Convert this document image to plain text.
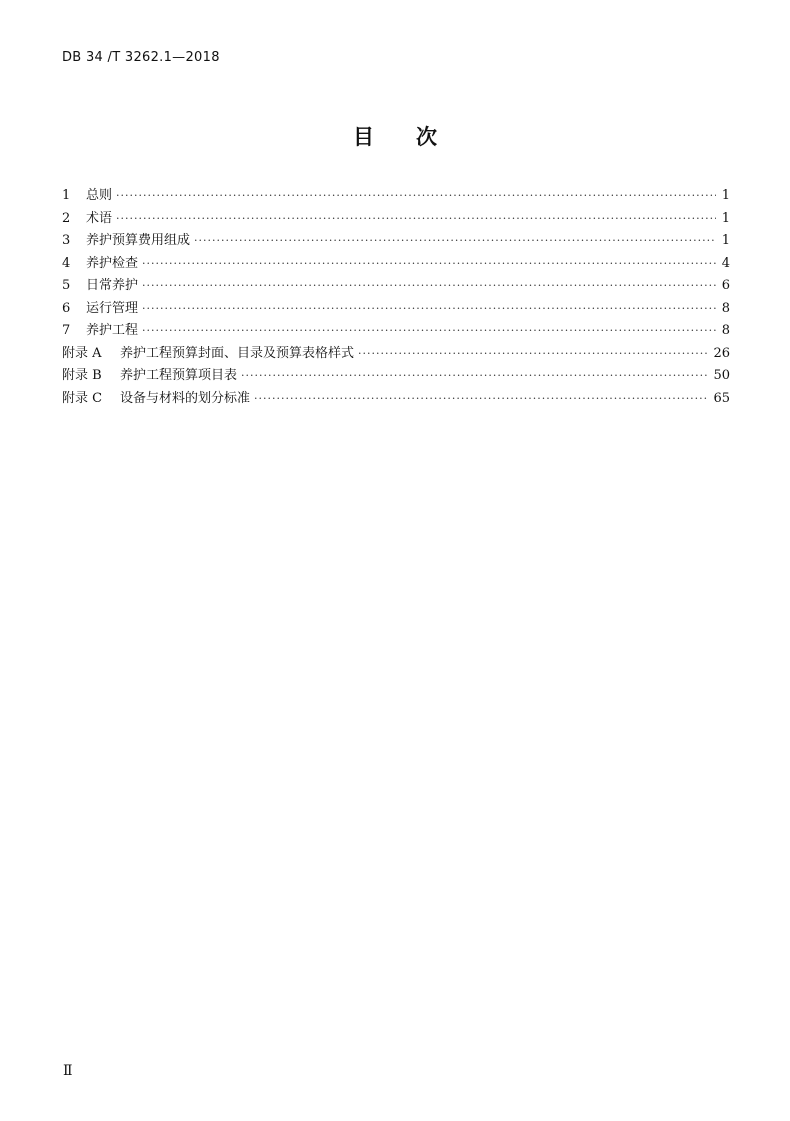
DB 34 /T 3262.1—2018
目 次
1	总则 ·····	1
2	术语 ·····	1
3	养护预算费用组成 ·····	1
4	养护检查 ·····	4
5	日常养护 ·····	6
6	运行管理 ·····	8
7	养护工程 ·····	8
附录 A	养护工程预算封面、目录及预算表格样式 ·····	26
附录 B	养护工程预算项目表 ·····	50
附录 C	设备与材料的划分标准 ·····	65
Ⅱ
